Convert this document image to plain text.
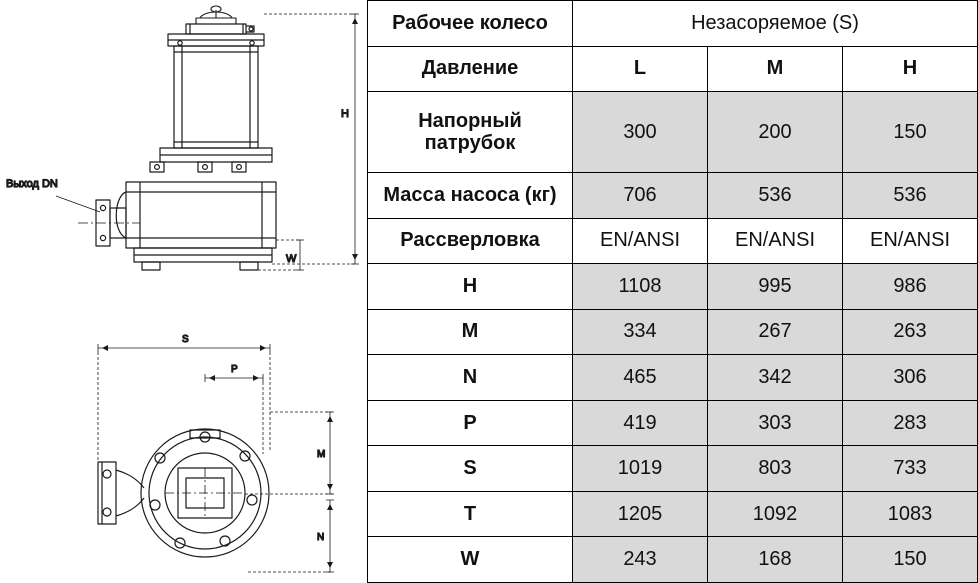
Выход DN
H
W
S
P
M
N
Рабочее колесо	Незасоряемое (S)		
Давление	L	M	H
Напорный патрубок	300	200	150
Масса насоса (кг)	706	536	536
Рассверловка	EN/ANSI	EN/ANSI	EN/ANSI
H	1108	995	986
M	334	267	263
N	465	342	306
P	419	303	283
S	1019	803	733
T	1205	1092	1083
W	243	168	150
